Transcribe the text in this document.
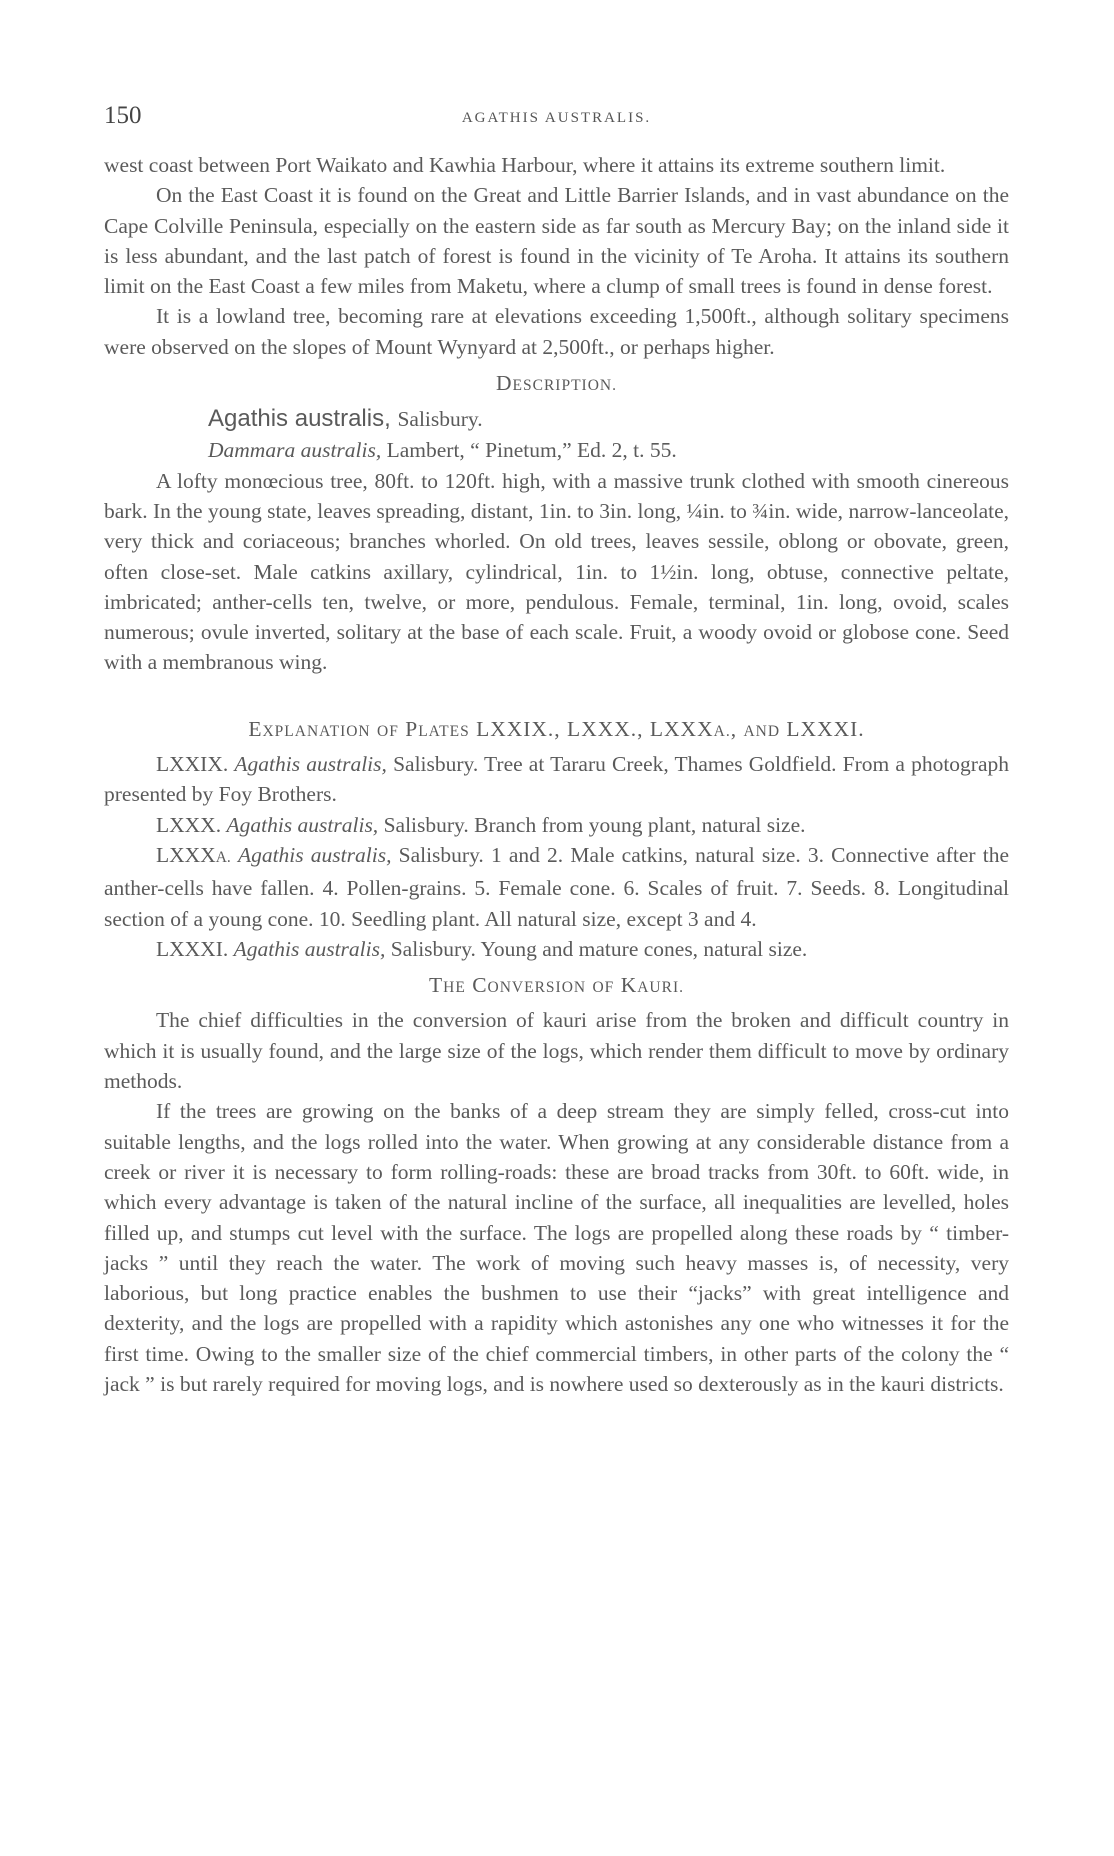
150	AGATHIS AUSTRALIS.

west coast between Port Waikato and Kawhia Harbour, where it attains its extreme southern limit.

On the East Coast it is found on the Great and Little Barrier Islands, and in vast abundance on the Cape Colville Peninsula, especially on the eastern side as far south as Mercury Bay; on the inland side it is less abundant, and the last patch of forest is found in the vicinity of Te Aroha. It attains its southern limit on the East Coast a few miles from Maketu, where a clump of small trees is found in dense forest.

It is a lowland tree, becoming rare at elevations exceeding 1,500ft., although solitary specimens were observed on the slopes of Mount Wynyard at 2,500ft., or perhaps higher.

DESCRIPTION.
Agathis australis, Salisbury.
Dammara australis, Lambert, “ Pinetum,” Ed. 2, t. 55.

A lofty monœcious tree, 80ft. to 120ft. high, with a massive trunk clothed with smooth cinereous bark. In the young state, leaves spreading, distant, 1in. to 3in. long, ¼in. to ¾in. wide, narrow-lanceolate, very thick and coriaceous; branches whorled. On old trees, leaves sessile, oblong or obovate, green, often close-set. Male catkins axillary, cylindrical, 1in. to 1½in. long, obtuse, connective peltate, imbricated; anther-cells ten, twelve, or more, pendulous. Female, terminal, 1in. long, ovoid, scales numerous; ovule inverted, solitary at the base of each scale. Fruit, a woody ovoid or globose cone. Seed with a membranous wing.

EXPLANATION OF PLATES LXXIX., LXXX., LXXXA., AND LXXXI.

LXXIX. Agathis australis, Salisbury. Tree at Tararu Creek, Thames Goldfield. From a photograph presented by Foy Brothers.

LXXX. Agathis australis, Salisbury. Branch from young plant, natural size.

LXXXA. Agathis australis, Salisbury. 1 and 2. Male catkins, natural size. 3. Connective after the anther-cells have fallen. 4. Pollen-grains. 5. Female cone. 6. Scales of fruit. 7. Seeds. 8. Longitudinal section of a young cone. 10. Seedling plant. All natural size, except 3 and 4.

LXXXI. Agathis australis, Salisbury. Young and mature cones, natural size.

THE CONVERSION OF KAURI.

The chief difficulties in the conversion of kauri arise from the broken and difficult country in which it is usually found, and the large size of the logs, which render them difficult to move by ordinary methods.

If the trees are growing on the banks of a deep stream they are simply felled, cross-cut into suitable lengths, and the logs rolled into the water. When growing at any considerable distance from a creek or river it is necessary to form rolling-roads: these are broad tracks from 30ft. to 60ft. wide, in which every advantage is taken of the natural incline of the surface, all inequalities are levelled, holes filled up, and stumps cut level with the surface. The logs are propelled along these roads by “ timber-jacks ” until they reach the water. The work of moving such heavy masses is, of necessity, very laborious, but long practice enables the bushmen to use their “jacks” with great intelligence and dexterity, and the logs are propelled with a rapidity which astonishes any one who witnesses it for the first time. Owing to the smaller size of the chief commercial timbers, in other parts of the colony the “ jack ” is but rarely required for moving logs, and is nowhere used so dexterously as in the kauri districts.
